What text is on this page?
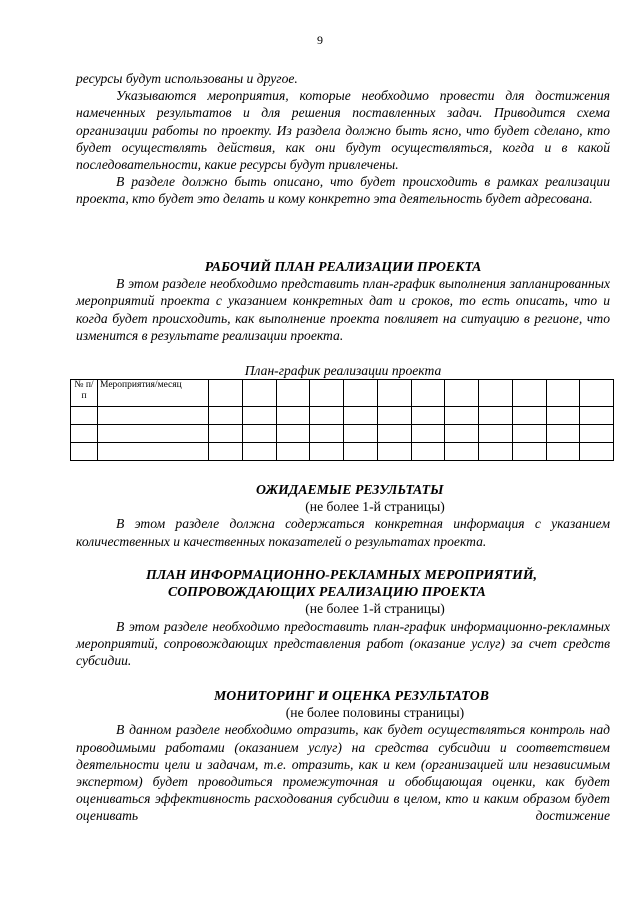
9

ресурсы будут использованы и другое.

Указываются мероприятия, которые необходимо провести для достижения намеченных результатов и для решения поставленных задач. Приводится схема организации работы по проекту. Из раздела должно быть ясно, что будет сделано, кто будет осуществлять действия, как они будут осуществляться, когда и в какой последовательности, какие ресурсы будут привлечены.

В разделе должно быть описано, что будет происходить в рамках реализации проекта, кто будет это делать и кому конкретно эта деятельность будет адресована.

РАБОЧИЙ ПЛАН РЕАЛИЗАЦИИ ПРОЕКТА

В этом разделе необходимо представить план-график выполнения запланированных мероприятий проекта с указанием конкретных дат и сроков, то есть описать, что и когда будет происходить, как выполнение проекта повлияет на ситуацию в регионе, что изменится в результате реализации проекта.

План-график реализации проекта

№ п/п	Мероприятия/месяц												

ОЖИДАЕМЫЕ РЕЗУЛЬТАТЫ

(не более 1-й страницы)

В этом разделе должна содержаться конкретная информация с указанием количественных и качественных показателей о результатах проекта.

ПЛАН ИНФОРМАЦИОННО-РЕКЛАМНЫХ МЕРОПРИЯТИЙ,

СОПРОВОЖДАЮЩИХ РЕАЛИЗАЦИЮ ПРОЕКТА

(не более 1-й страницы)

В этом разделе необходимо предоставить план-график информационно-рекламных мероприятий, сопровождающих представления работ (оказание услуг) за счет средств субсидии.

МОНИТОРИНГ И ОЦЕНКА РЕЗУЛЬТАТОВ

(не более половины страницы)

В данном разделе необходимо отразить, как будет осуществляться контроль над проводимыми работами (оказанием услуг) на средства субсидии и соответствием деятельности цели и задачам, т.е. отразить, как и кем (организацией или независимым экспертом) будет проводиться промежуточная и обобщающая оценки, как будет оцениваться эффективность расходования субсидии в целом, кто и каким образом будет оценивать достижение
